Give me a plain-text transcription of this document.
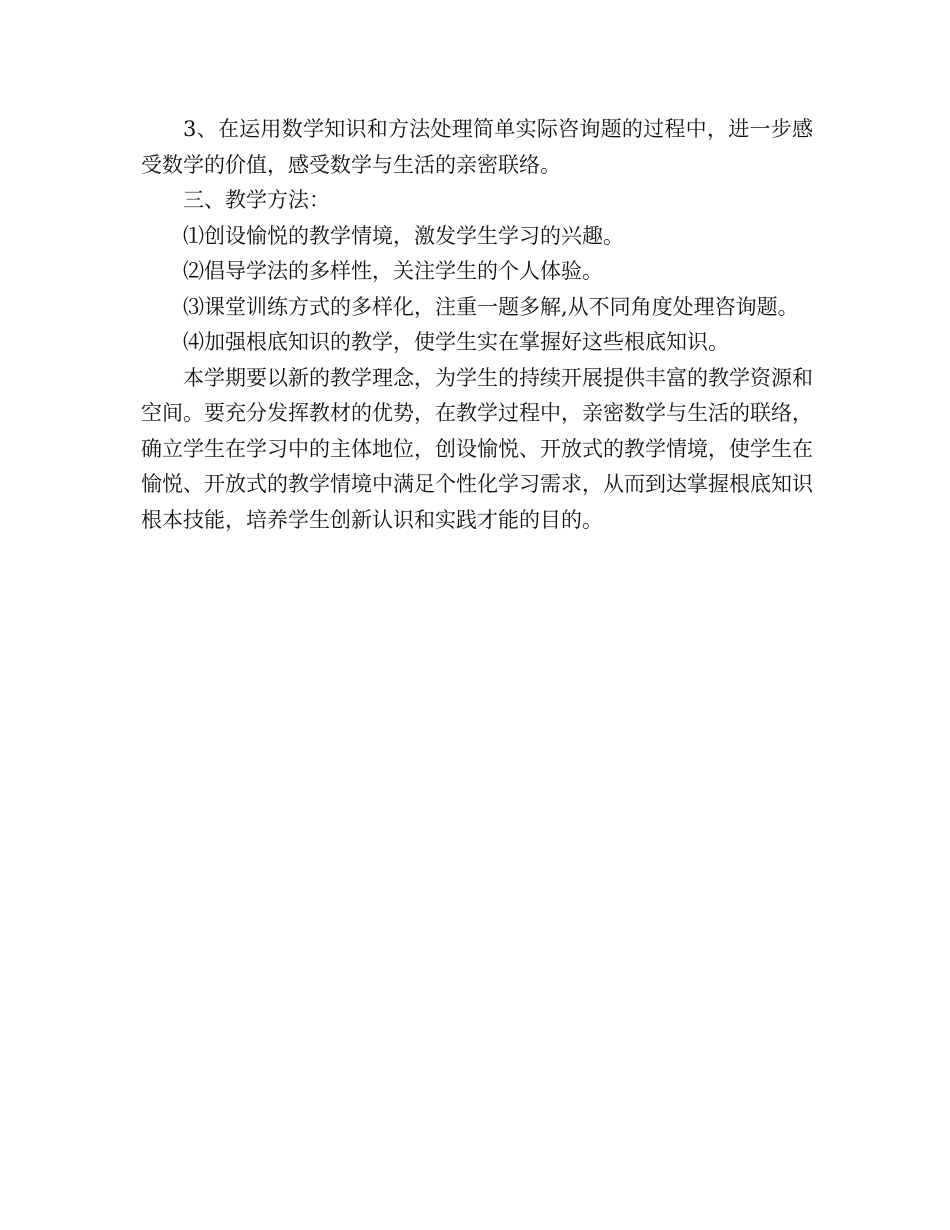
3、在运用数学知识和方法处理简单实际咨询题的过程中，进一步感受数学的价值，感受数学与生活的亲密联络。

三、教学方法：

⑴创设愉悦的教学情境，激发学生学习的兴趣。

⑵倡导学法的多样性，关注学生的个人体验。

⑶课堂训练方式的多样化，注重一题多解,从不同角度处理咨询题。

⑷加强根底知识的教学，使学生实在掌握好这些根底知识。

本学期要以新的教学理念，为学生的持续开展提供丰富的教学资源和空间。要充分发挥教材的优势，在教学过程中，亲密数学与生活的联络，确立学生在学习中的主体地位，创设愉悦、开放式的教学情境，使学生在愉悦、开放式的教学情境中满足个性化学习需求，从而到达掌握根底知识根本技能，培养学生创新认识和实践才能的目的。
